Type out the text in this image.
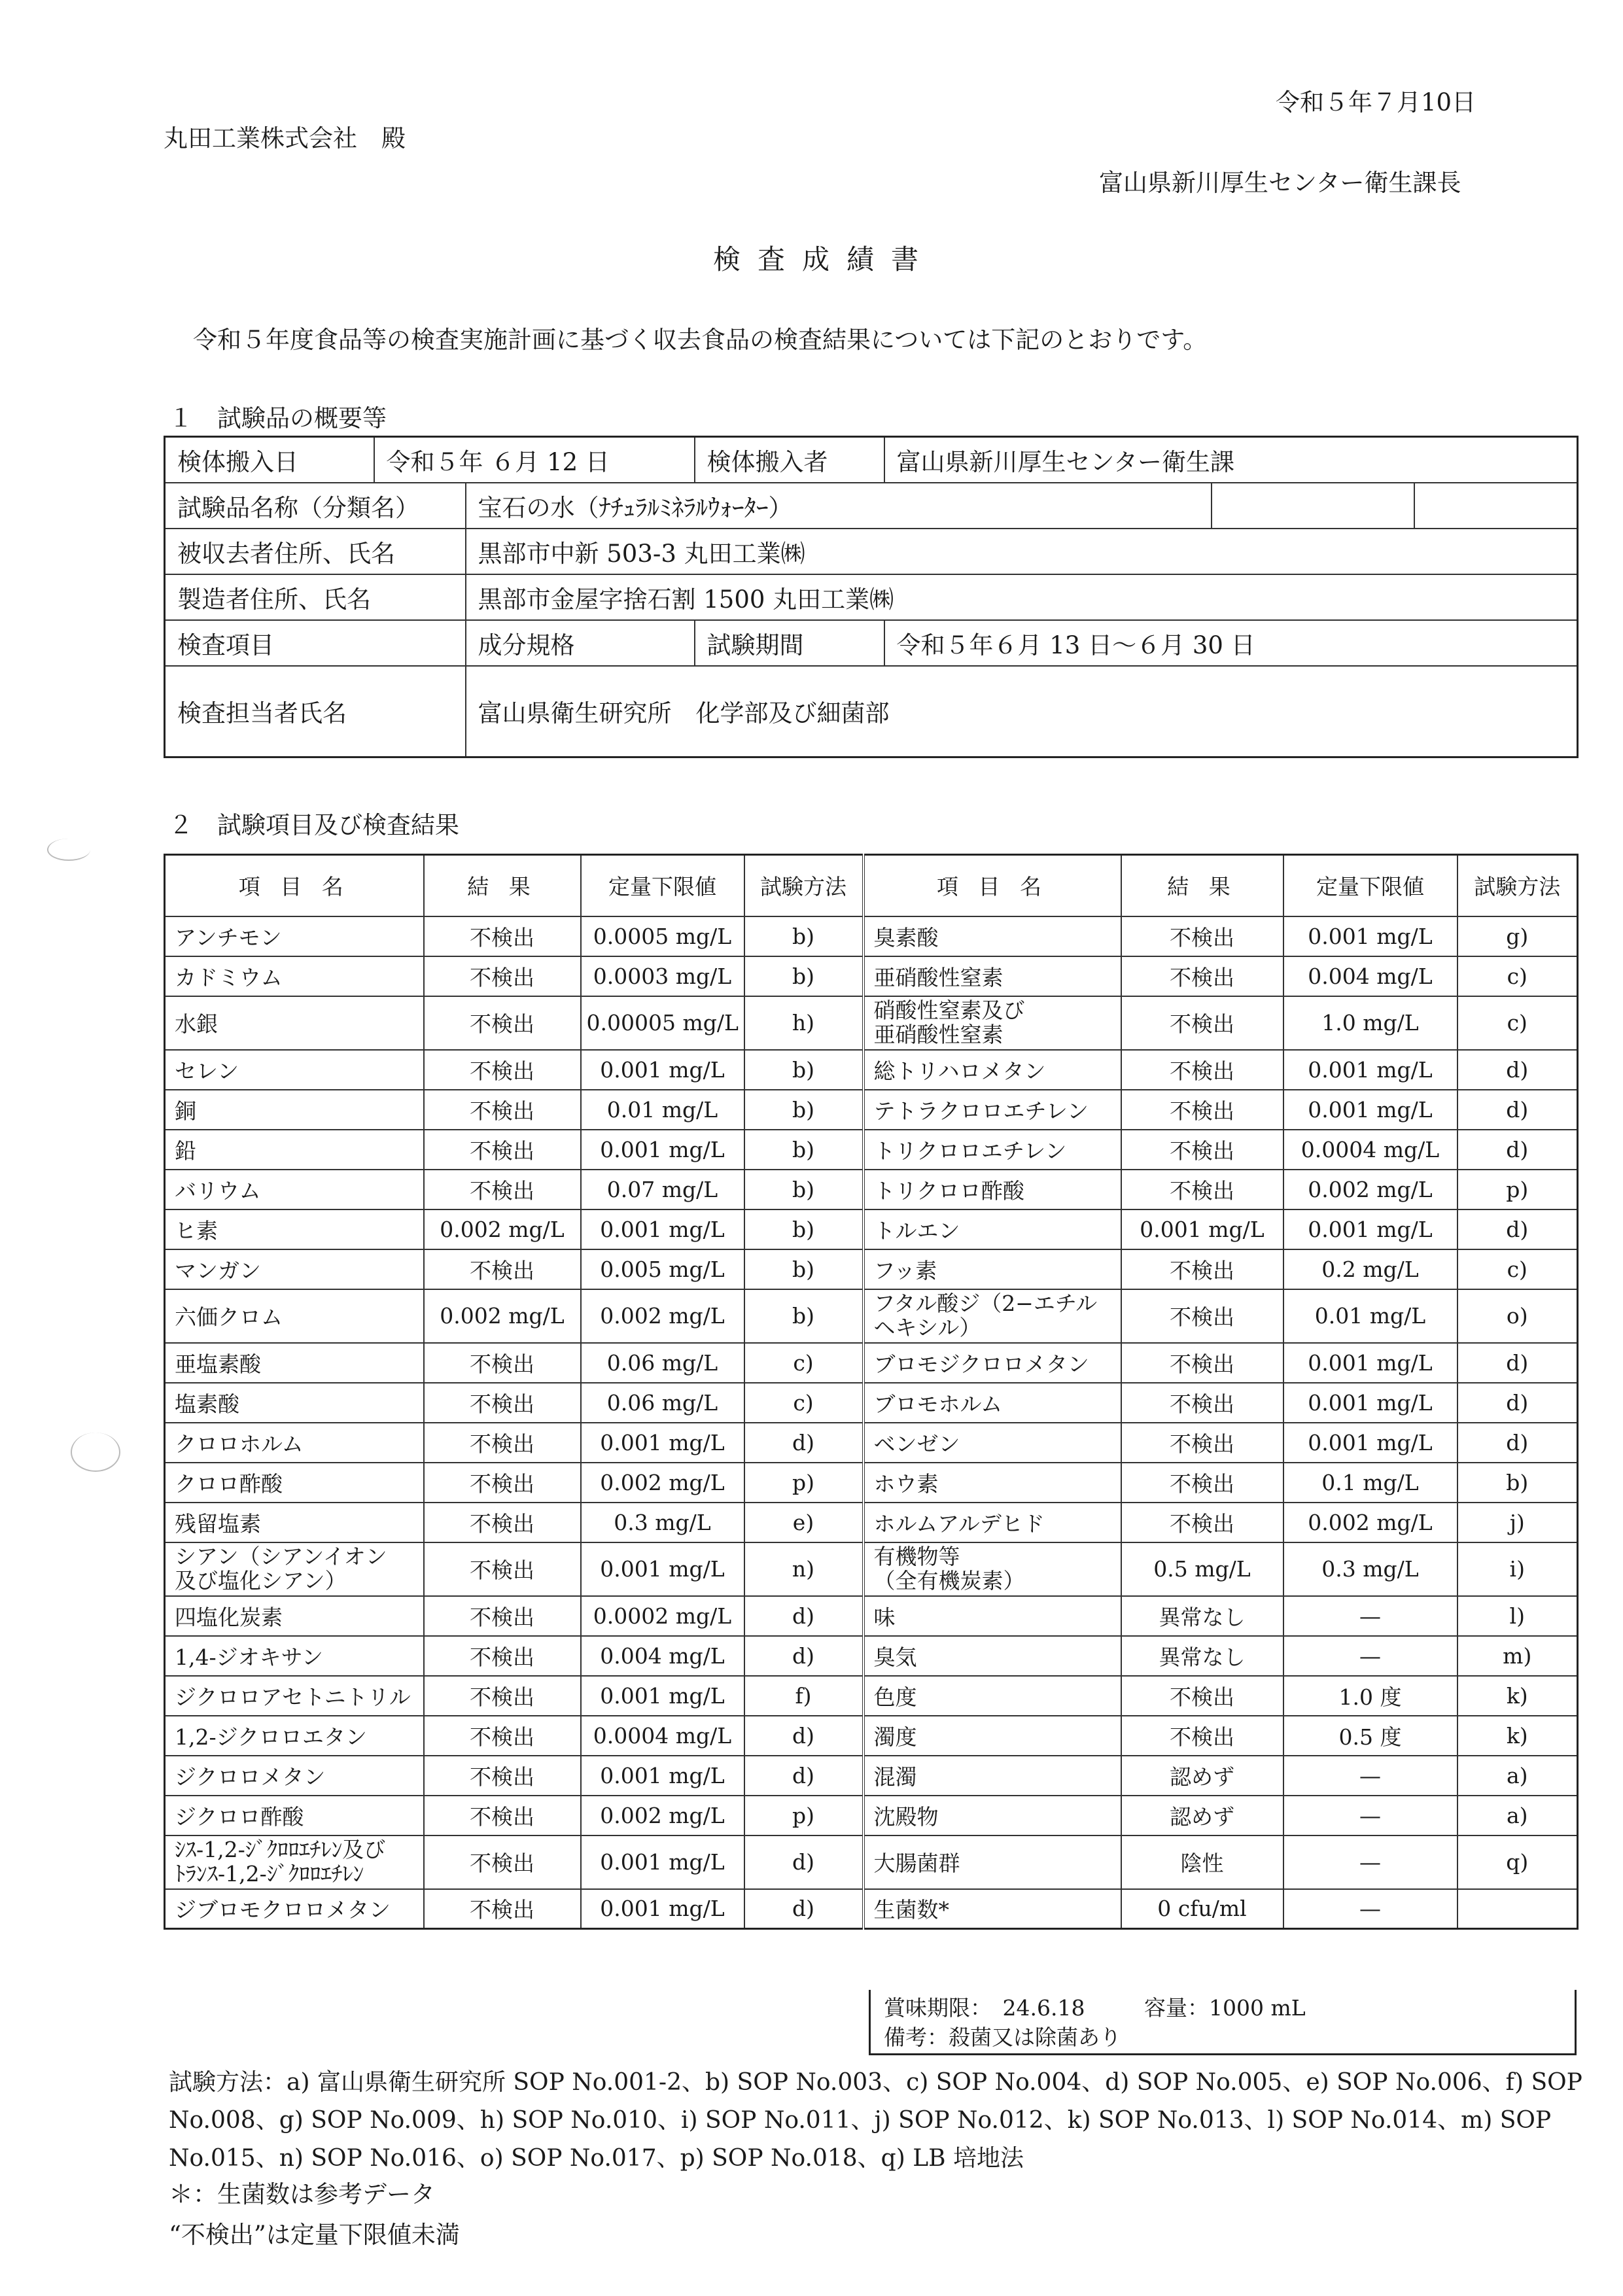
令和５年７月10日
丸田工業株式会社　殿
富山県新川厚生センター衛生課長
検査成績書
令和５年度食品等の検査実施計画に基づく収去食品の検査結果については下記のとおりです。
１　試験品の概要等
検体搬入日	令和５年 ６月 12 日		検体搬入者	富山県新川厚生センター衛生課		
試験品名称（分類名）		宝石の水（ﾅﾁｭﾗﾙﾐﾈﾗﾙｳｫｰﾀｰ）				
被収去者住所、氏名		黒部市中新 503-3 丸田工業㈱				
製造者住所、氏名		黒部市金屋字捨石割 1500 丸田工業㈱				
検査項目		成分規格	試験期間	令和５年６月 13 日～６月 30 日		
検査担当者氏名		富山県衛生研究所　化学部及び細菌部				
２　試験項目及び検査結果
項 目 名	結 果	定量下限値	試験方法	項 目 名	結 果	定量下限値	試験方法
アンチモン	不検出	0.0005 mg/L	b)	臭素酸	不検出	0.001 mg/L	g)
カドミウム	不検出	0.0003 mg/L	b)	亜硝酸性窒素	不検出	0.004 mg/L	c)
水銀	不検出	0.00005 mg/L	h)	硝酸性窒素及び
亜硝酸性窒素	不検出	1.0 mg/L	c)
セレン	不検出	0.001 mg/L	b)	総トリハロメタン	不検出	0.001 mg/L	d)
銅	不検出	0.01 mg/L	b)	テトラクロロエチレン	不検出	0.001 mg/L	d)
鉛	不検出	0.001 mg/L	b)	トリクロロエチレン	不検出	0.0004 mg/L	d)
バリウム	不検出	0.07 mg/L	b)	トリクロロ酢酸	不検出	0.002 mg/L	p)
ヒ素	0.002 mg/L	0.001 mg/L	b)	トルエン	0.001 mg/L	0.001 mg/L	d)
マンガン	不検出	0.005 mg/L	b)	フッ素	不検出	0.2 mg/L	c)
六価クロム	0.002 mg/L	0.002 mg/L	b)	フタル酸ジ（2−エチル
ヘキシル）	不検出	0.01 mg/L	o)
亜塩素酸	不検出	0.06 mg/L	c)	ブロモジクロロメタン	不検出	0.001 mg/L	d)
塩素酸	不検出	0.06 mg/L	c)	ブロモホルム	不検出	0.001 mg/L	d)
クロロホルム	不検出	0.001 mg/L	d)	ベンゼン	不検出	0.001 mg/L	d)
クロロ酢酸	不検出	0.002 mg/L	p)	ホウ素	不検出	0.1 mg/L	b)
残留塩素	不検出	0.3 mg/L	e)	ホルムアルデヒド	不検出	0.002 mg/L	j)
シアン（シアンイオン
及び塩化シアン）	不検出	0.001 mg/L	n)	有機物等
（全有機炭素）	0.5 mg/L	0.3 mg/L	i)
四塩化炭素	不検出	0.0002 mg/L	d)	味	異常なし	—	l)
1,4-ジオキサン	不検出	0.004 mg/L	d)	臭気	異常なし	—	m)
ジクロロアセトニトリル	不検出	0.001 mg/L	f)	色度	不検出	1.0 度	k)
1,2-ジクロロエタン	不検出	0.0004 mg/L	d)	濁度	不検出	0.5 度	k)
ジクロロメタン	不検出	0.001 mg/L	d)	混濁	認めず	—	a)
ジクロロ酢酸	不検出	0.002 mg/L	p)	沈殿物	認めず	—	a)
ｼｽ-1,2-ｼﾞｸﾛﾛｴﾁﾚﾝ及び
ﾄﾗﾝｽ-1,2-ｼﾞｸﾛﾛｴﾁﾚﾝ	不検出	0.001 mg/L	d)	大腸菌群	陰性	—	q)
ジブロモクロロメタン	不検出	0.001 mg/L	d)	生菌数*	0 cfu/ml	—	
賞味期限：　24.6.18	容量：1000 mL
備考：殺菌又は除菌あり
試験方法：a) 富山県衛生研究所 SOP No.001-2、b) SOP No.003、c) SOP No.004、d) SOP No.005、e) SOP No.006、f) SOP No.008、g) SOP No.009、h) SOP No.010、i) SOP No.011、j) SOP No.012、k) SOP No.013、l) SOP No.014、m) SOP No.015、n) SOP No.016、o) SOP No.017、p) SOP No.018、q) LB 培地法
＊：生菌数は参考データ
“不検出”は定量下限値未満
